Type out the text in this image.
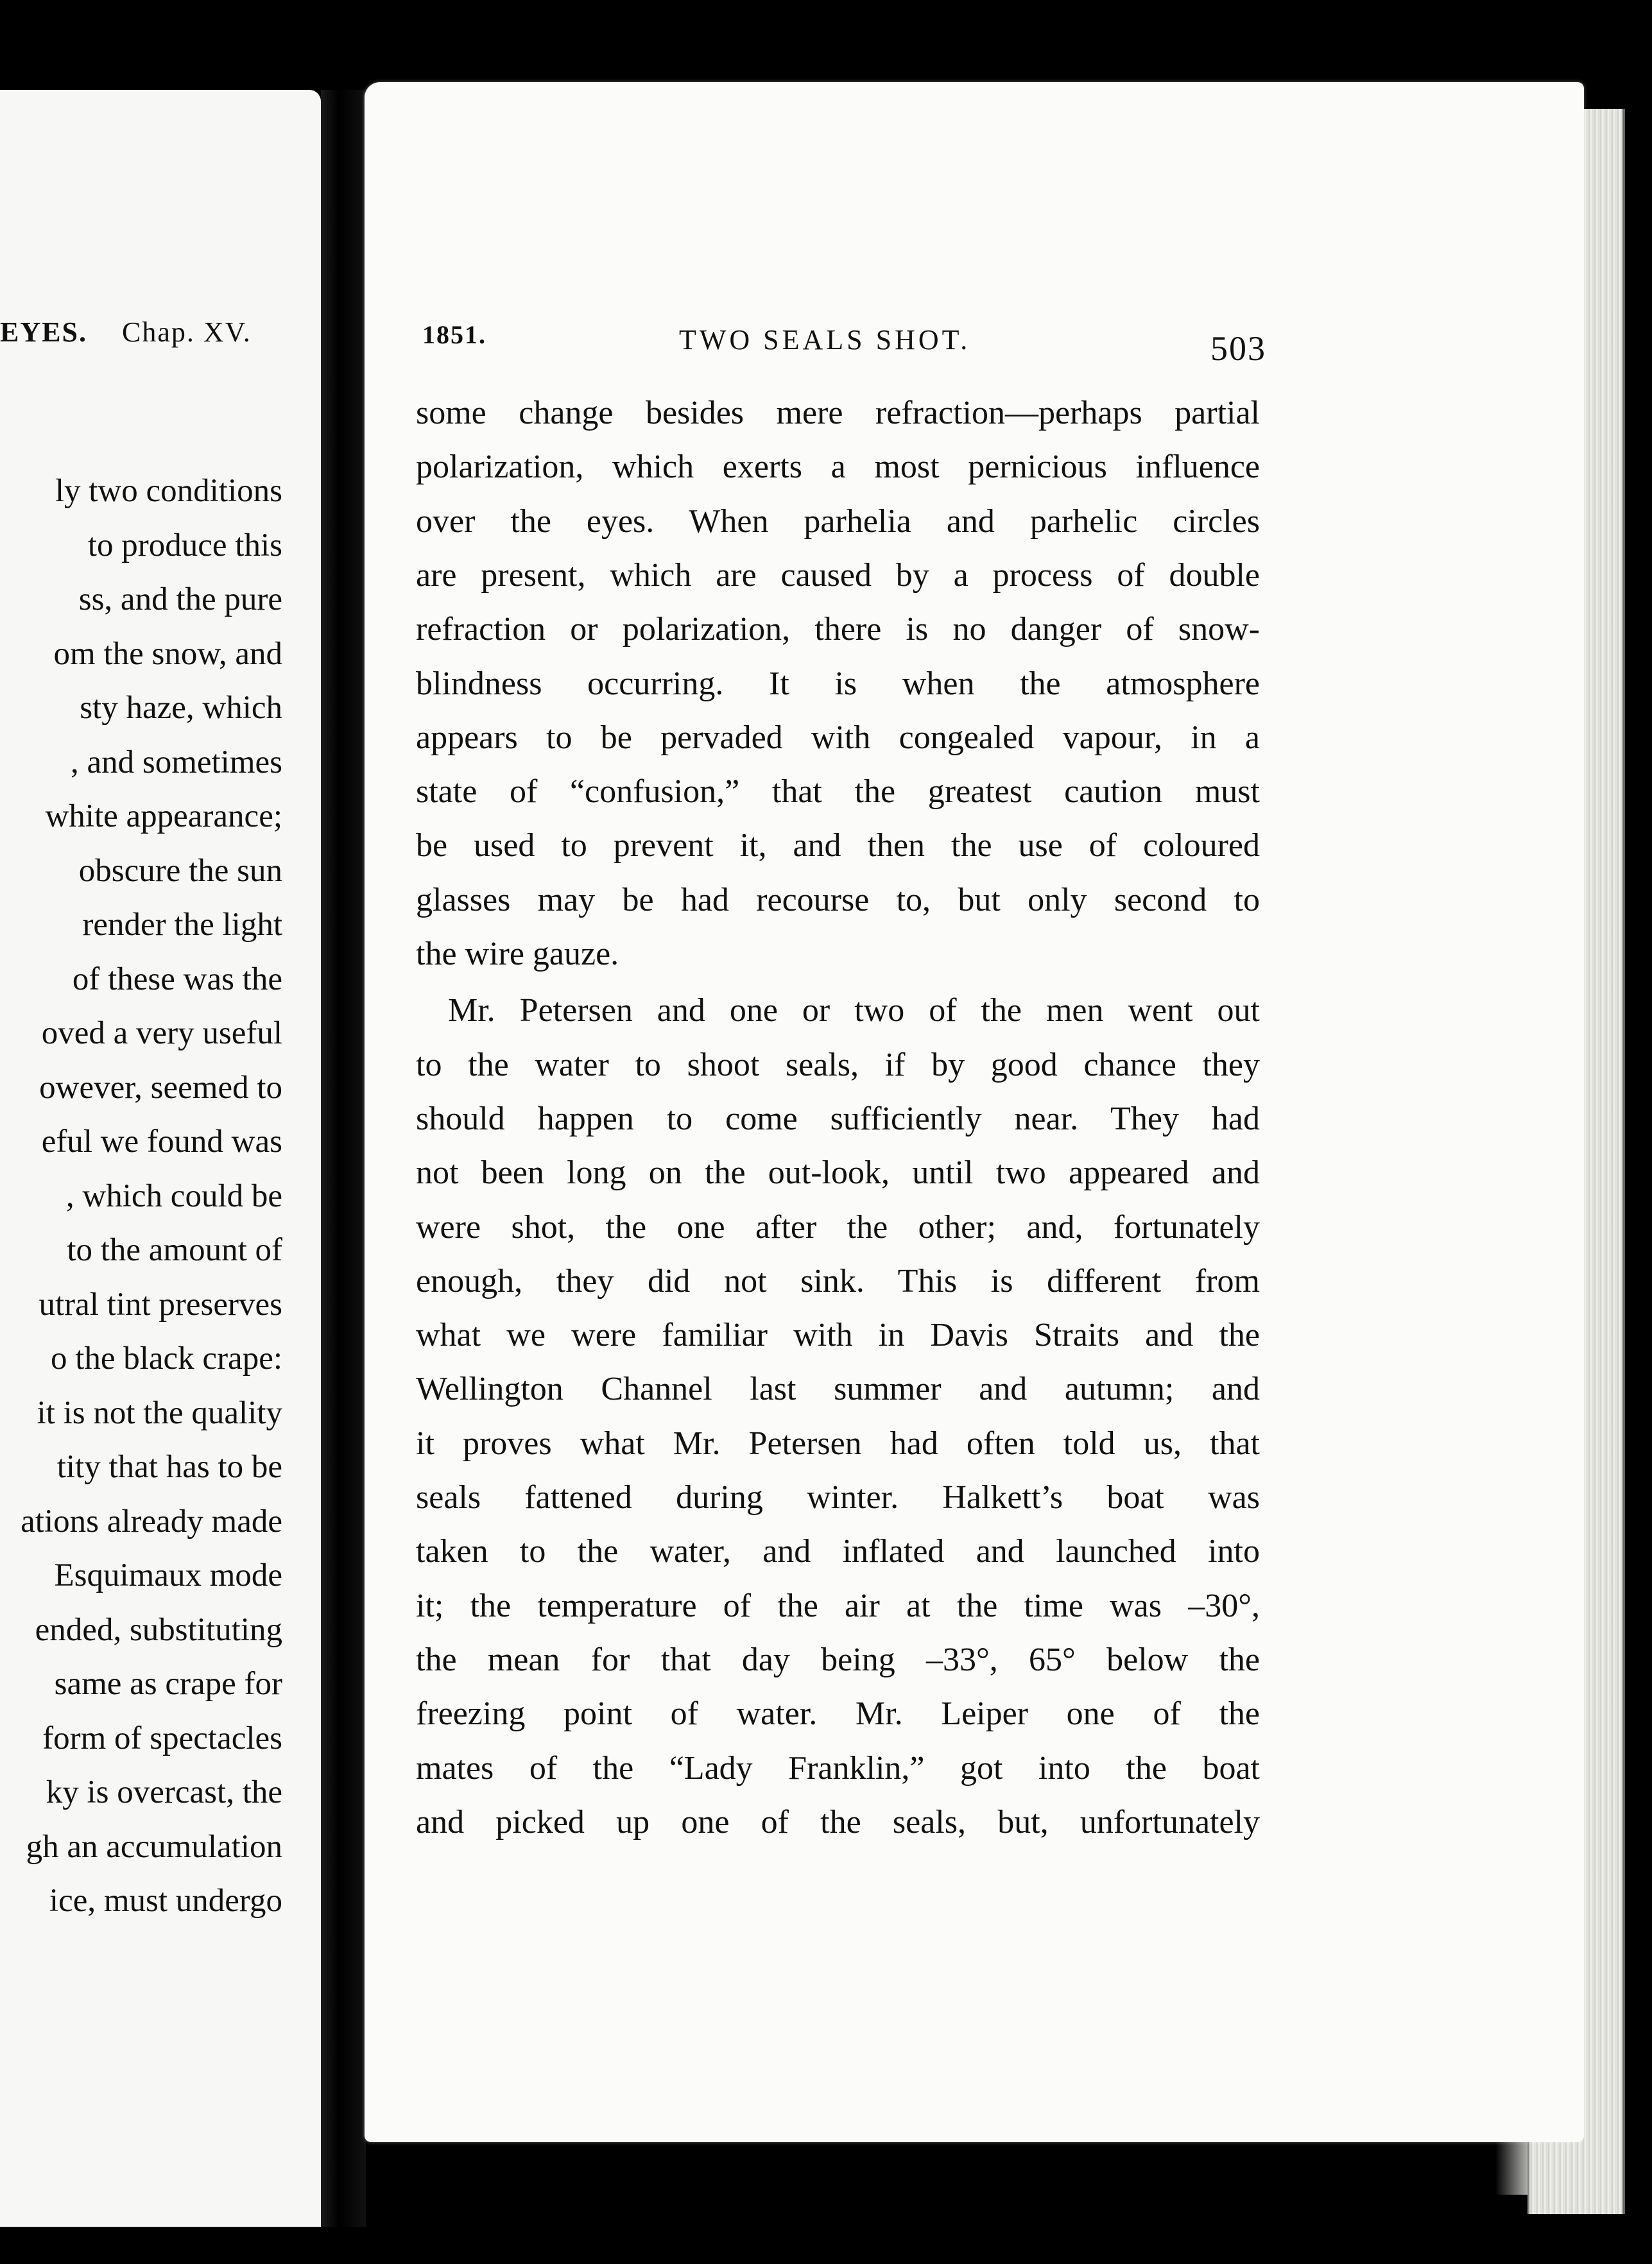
EYES. Chap. XV.
ly two conditions
to produce this
ss, and the pure
om the snow, and
sty haze, which
, and sometimes
white appearance;
obscure the sun
render the light
of these was the
oved a very useful
owever, seemed to
eful we found was
, which could be
to the amount of
utral tint preserves
o the black crape:
it is not the quality
tity that has to be
ations already made
Esquimaux mode
ended, substituting
same as crape for
form of spectacles
ky is overcast, the
gh an accumulation
ice, must undergo
1851.	TWO SEALS SHOT.	503
some change besides mere refraction—perhaps partial
polarization, which exerts a most pernicious influence
over the eyes. When parhelia and parhelic circles
are present, which are caused by a process of double
refraction or polarization, there is no danger of snow-
blindness occurring. It is when the atmosphere
appears to be pervaded with congealed vapour, in a
state of “confusion,” that the greatest caution must
be used to prevent it, and then the use of coloured
glasses may be had recourse to, but only second to
the wire gauze.
Mr. Petersen and one or two of the men went out
to the water to shoot seals, if by good chance they
should happen to come sufficiently near. They had
not been long on the out-look, until two appeared and
were shot, the one after the other; and, fortunately
enough, they did not sink. This is different from
what we were familiar with in Davis Straits and the
Wellington Channel last summer and autumn; and
it proves what Mr. Petersen had often told us, that
seals fattened during winter. Halkett’s boat was
taken to the water, and inflated and launched into
it; the temperature of the air at the time was –30°,
the mean for that day being –33°, 65° below the
freezing point of water. Mr. Leiper one of the
mates of the “Lady Franklin,” got into the boat
and picked up one of the seals, but, unfortunately
